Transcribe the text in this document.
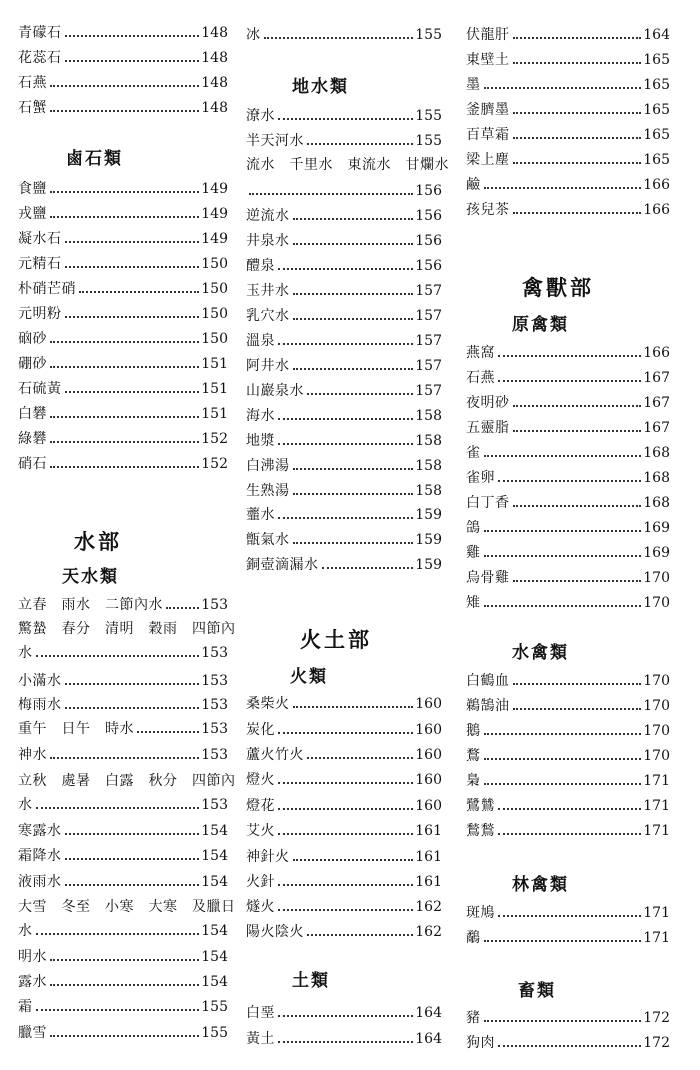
青礞石	148
花蕊石	148
石燕	148
石蟹	148
鹵石類
食鹽	149
戎鹽	149
凝水石	149
元精石	150
朴硝芒硝	150
元明粉	150
硇砂	150
硼砂	151
石硫黃	151
白礬	151
綠礬	152
硝石	152
水部
天水類
立春　雨水　二節內水	153
驚蟄　春分　清明　穀雨　四節內
水	153
小滿水	153
梅雨水	153
重午　日午　時水	153
神水	153
立秋　處暑　白露　秋分　四節內
水	153
寒露水	154
霜降水	154
液雨水	154
大雪　冬至　小寒　大寒　及臘日
水	154
明水	154
露水	154
霜	155
臘雪	155
冰	155
地水類
潦水	155
半天河水	155
流水　千里水　東流水　甘爛水
156
逆流水	156
井泉水	156
醴泉	156
玉井水	157
乳穴水	157
溫泉	157
阿井水	157
山巖泉水	157
海水	158
地漿	158
白沸湯	158
生熟湯	158
虀水	159
甑氣水	159
銅壺滴漏水	159
火土部
火類
桑柴火	160
炭化	160
蘆火竹火	160
燈火	160
燈花	160
艾火	161
神針火	161
火針	161
燧火	162
陽火陰火	162
土類
白堊	164
黃土	164
伏龍肝	164
東壁土	165
墨	165
釜臍墨	165
百草霜	165
梁上塵	165
鹼	166
孩兒茶	166
禽獸部
原禽類
燕窩	166
石燕	167
夜明砂	167
五靈脂	167
雀	168
雀卵	168
白丁香	168
鴿	169
雞	169
烏骨雞	170
雉	170
水禽類
白鶴血	170
鵜鵠油	170
鵝	170
鶩	170
梟	171
鷺鷥	171
鶖鶖	171
林禽類
斑鳩	171
鷸	171
畜類
豬	172
狗肉	172
